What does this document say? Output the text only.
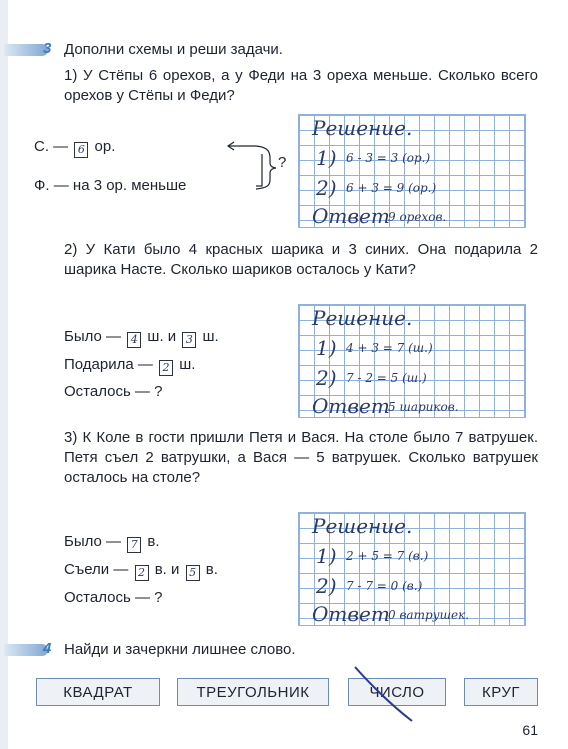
3 Дополни схемы и реши задачи.
1) У Стёпы 6 орехов, а у Феди на 3 ореха меньше. Сколько всего орехов у Стёпы и Феди?
С. — 6 ор.
Ф. — на 3 ор. меньше
?
Решение.
1) 6 - 3 = 3 (ор.)
2) 6 + 3 = 9 (ор.)
Ответ
9 орехов.
2) У Кати было 4 красных шарика и 3 синих. Она подарила 2 шарика Насте. Сколько шариков осталось у Кати?
Было — 4 ш. и 3 ш.
Подарила — 2 ш.
Осталось — ?
Решение.
1) 4 + 3 = 7 (ш.)
2) 7 - 2 = 5 (ш.)
Ответ
5 шариков.
3) К Коле в гости пришли Петя и Вася. На столе было 7 ватрушек. Петя съел 2 ватрушки, а Вася — 5 ватрушек. Сколько ватрушек осталось на столе?
Было — 7 в.
Съели — 2 в. и 5 в.
Осталось — ?
Решение.
1) 2 + 5 = 7 (в.)
2) 7 - 7 = 0 (в.)
Ответ
0 ватрушек.
4 Найди и зачеркни лишнее слово.
КВАДРАТ	ТРЕУГОЛЬНИК	ЧИСЛО	КРУГ
61
